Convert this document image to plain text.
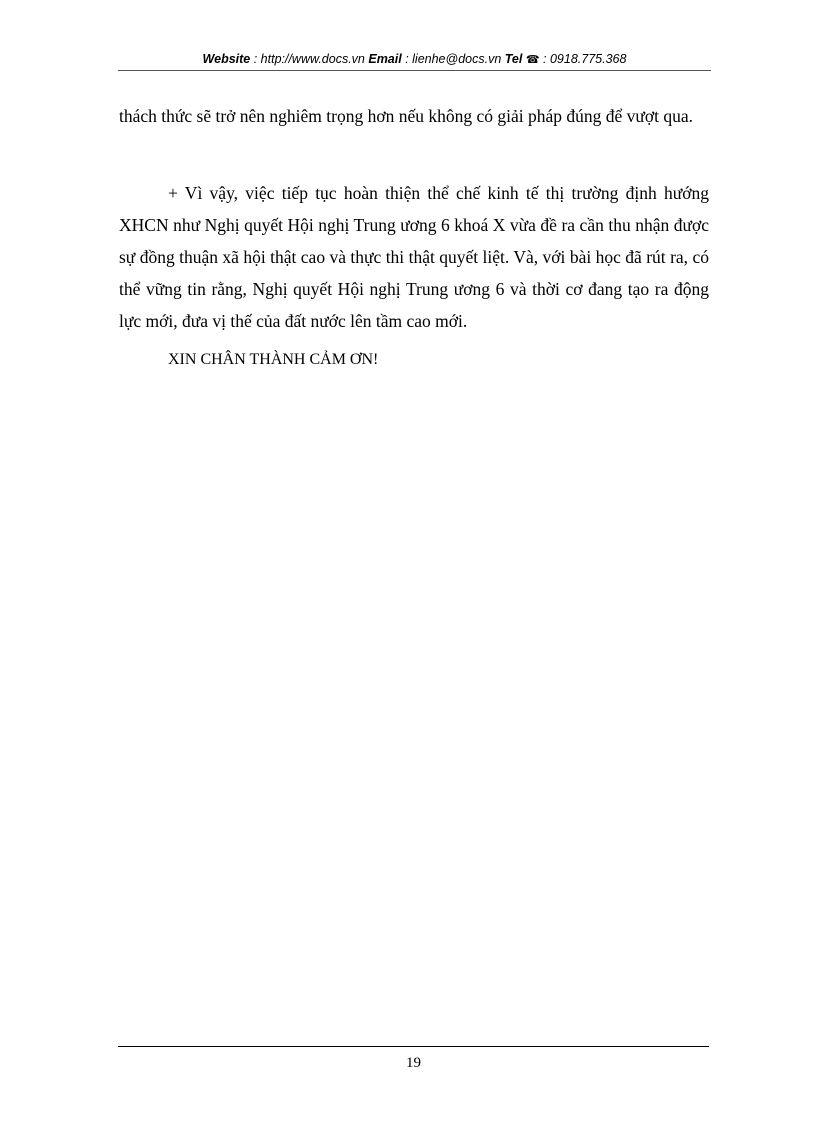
Website : http://www.docs.vn Email : lienhe@docs.vn Tel ☎ : 0918.775.368
thách thức sẽ trở nên nghiêm trọng hơn nếu không có giải pháp đúng để vượt qua.
+ Vì vậy, việc tiếp tục hoàn thiện thể chế kinh tế thị trường định hướng XHCN như Nghị quyết Hội nghị Trung ương 6 khoá X vừa đề ra cần thu nhận được sự đồng thuận xã hội thật cao và thực thi thật quyết liệt. Và, với bài học đã rút ra, có thể vững tin rằng, Nghị quyết Hội nghị Trung ương 6 và thời cơ đang tạo ra động lực mới, đưa vị thế của đất nước lên tầm cao mới.
XIN CHÂN THÀNH CẢM ƠN!
19
